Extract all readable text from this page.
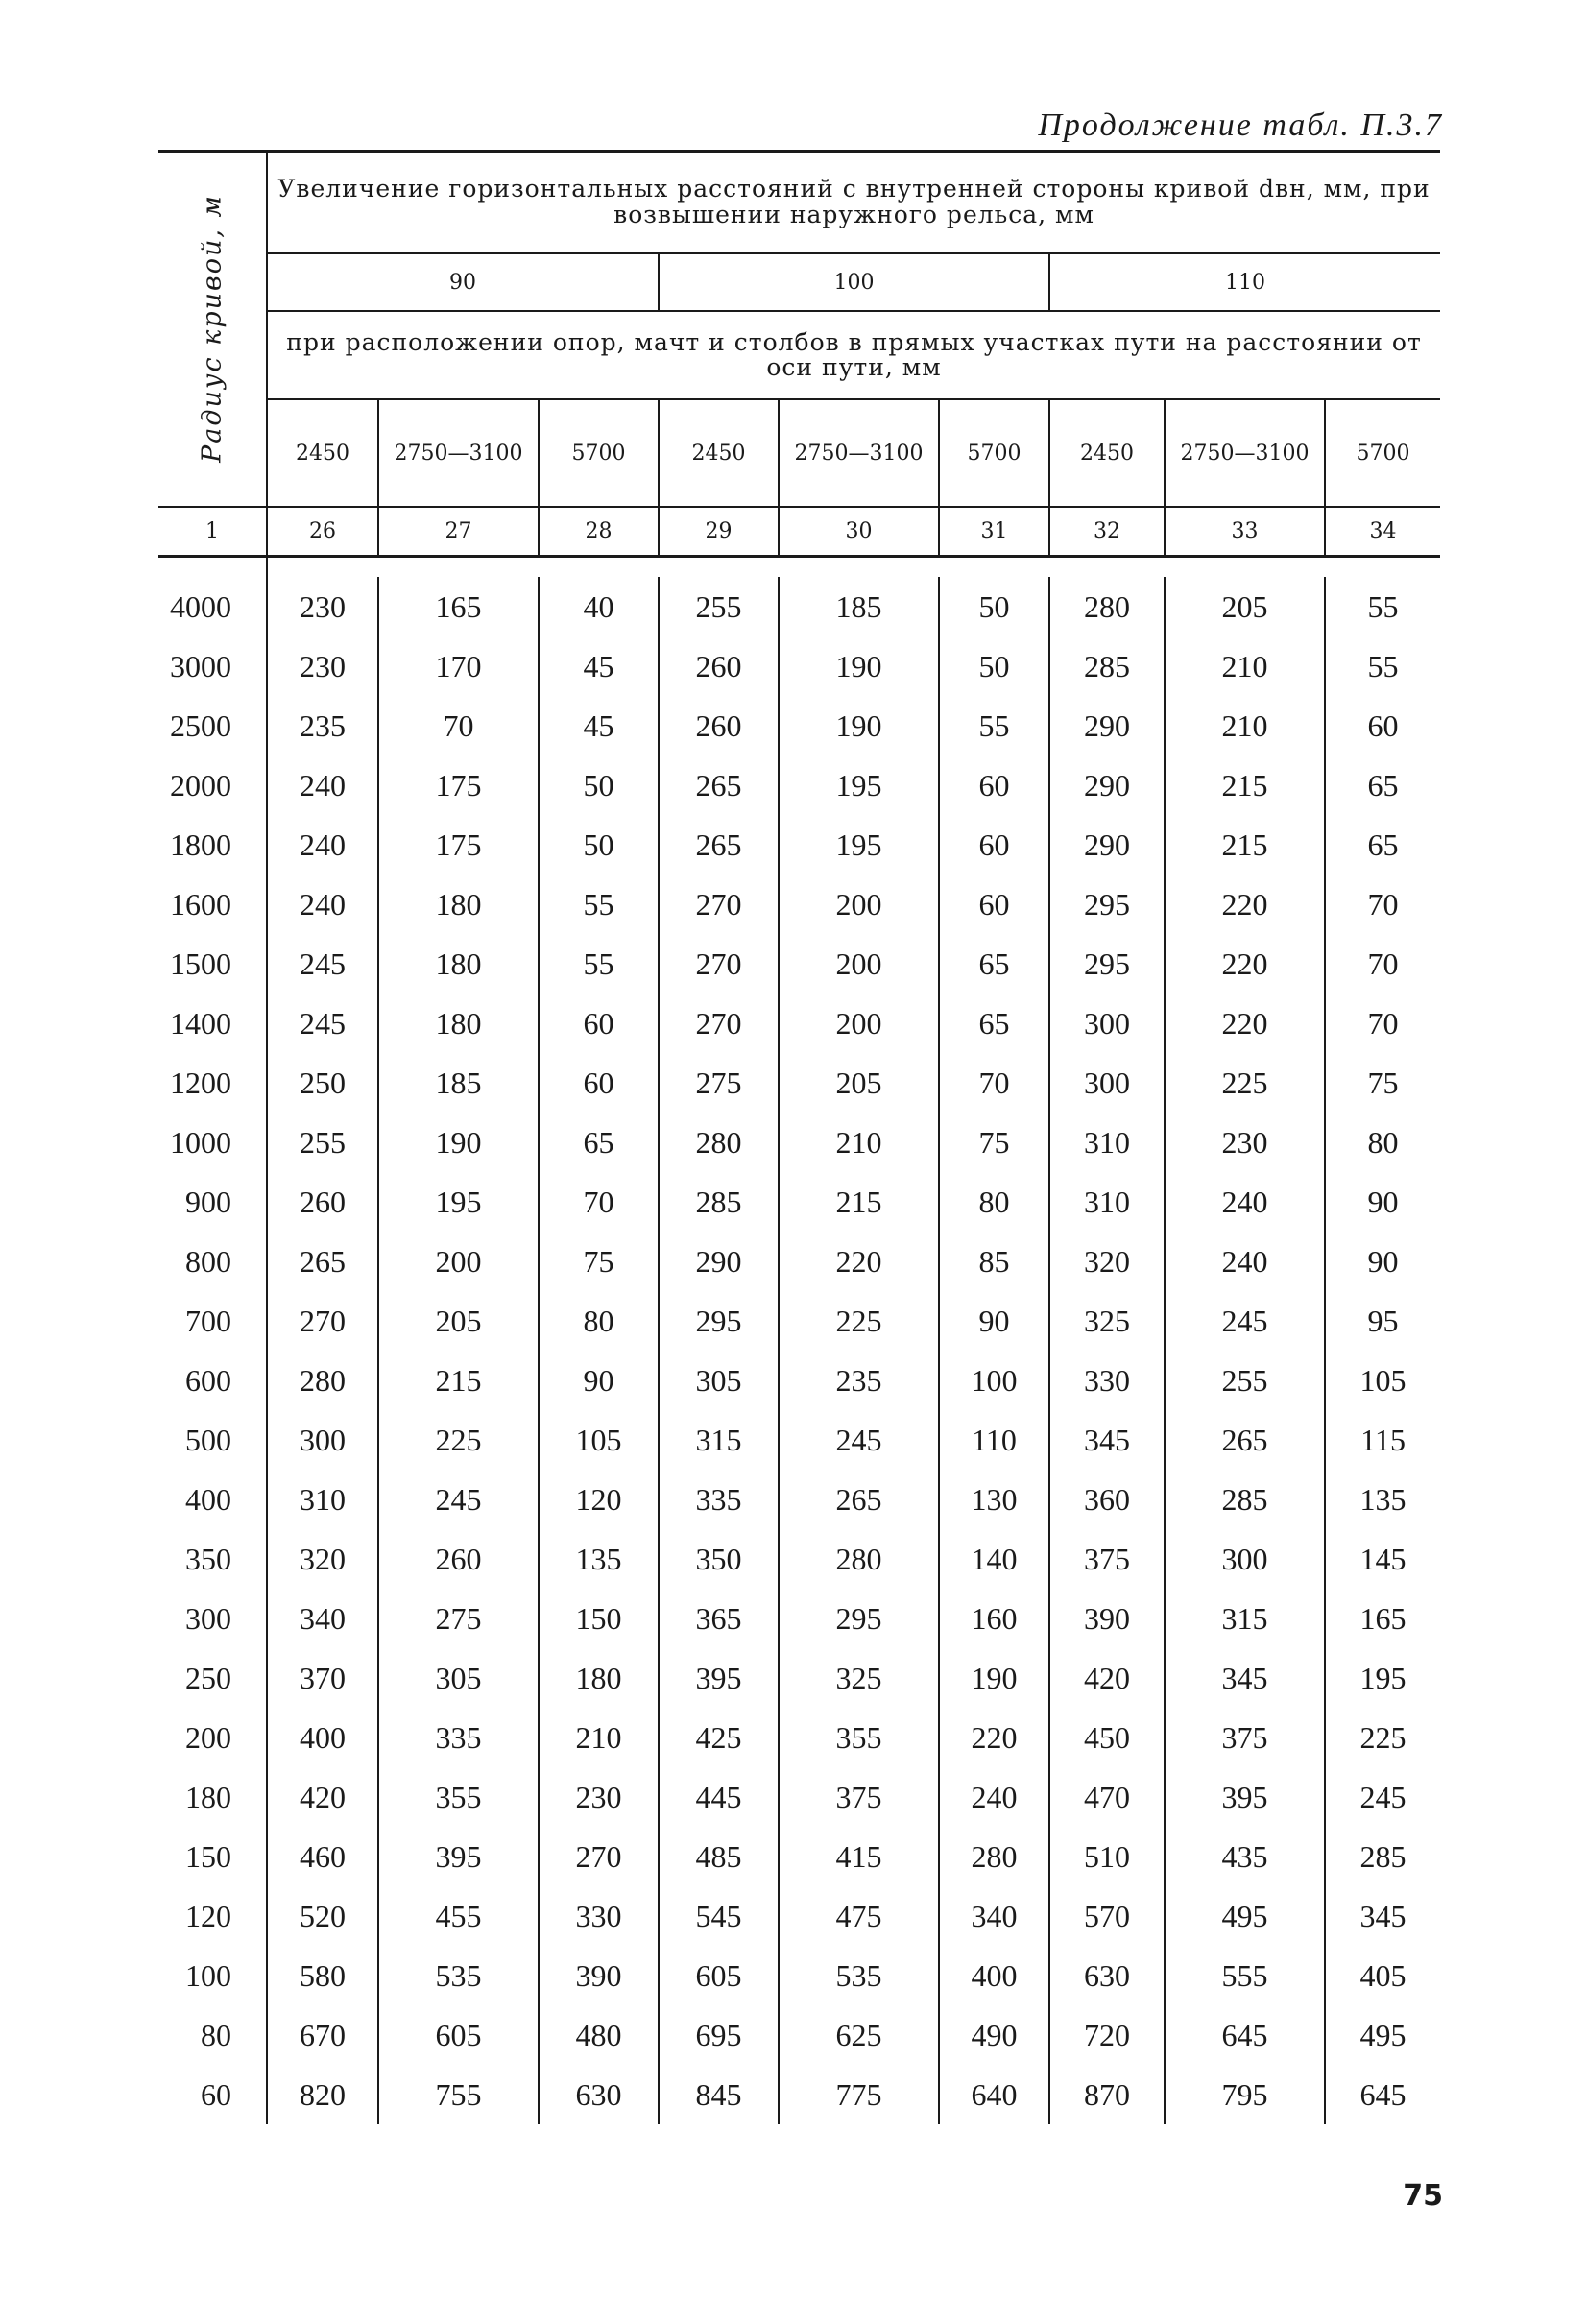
Продолжение табл. П.3.7
Радиус кривой, м	Увеличение горизонтальных расстояний с внутренней стороны кривой dвн, мм, при возвышении наружного рельса, мм								
	90			100			110		
	при расположении опор, мачт и столбов в прямых участках пути на расстоянии от оси пути, мм								
	2450	2750—3100	5700	2450	2750—3100	5700	2450	2750—3100	5700
1	26	27	28	29	30	31	32	33	34

4000	230	165	40	255	185	50	280	205	55
3000	230	170	45	260	190	50	285	210	55
2500	235	70	45	260	190	55	290	210	60
2000	240	175	50	265	195	60	290	215	65
1800	240	175	50	265	195	60	290	215	65
1600	240	180	55	270	200	60	295	220	70
1500	245	180	55	270	200	65	295	220	70
1400	245	180	60	270	200	65	300	220	70
1200	250	185	60	275	205	70	300	225	75
1000	255	190	65	280	210	75	310	230	80
900	260	195	70	285	215	80	310	240	90
800	265	200	75	290	220	85	320	240	90
700	270	205	80	295	225	90	325	245	95
600	280	215	90	305	235	100	330	255	105
500	300	225	105	315	245	110	345	265	115
400	310	245	120	335	265	130	360	285	135
350	320	260	135	350	280	140	375	300	145
300	340	275	150	365	295	160	390	315	165
250	370	305	180	395	325	190	420	345	195
200	400	335	210	425	355	220	450	375	225
180	420	355	230	445	375	240	470	395	245
150	460	395	270	485	415	280	510	435	285
120	520	455	330	545	475	340	570	495	345
100	580	535	390	605	535	400	630	555	405
80	670	605	480	695	625	490	720	645	495
60	820	755	630	845	775	640	870	795	645
75
